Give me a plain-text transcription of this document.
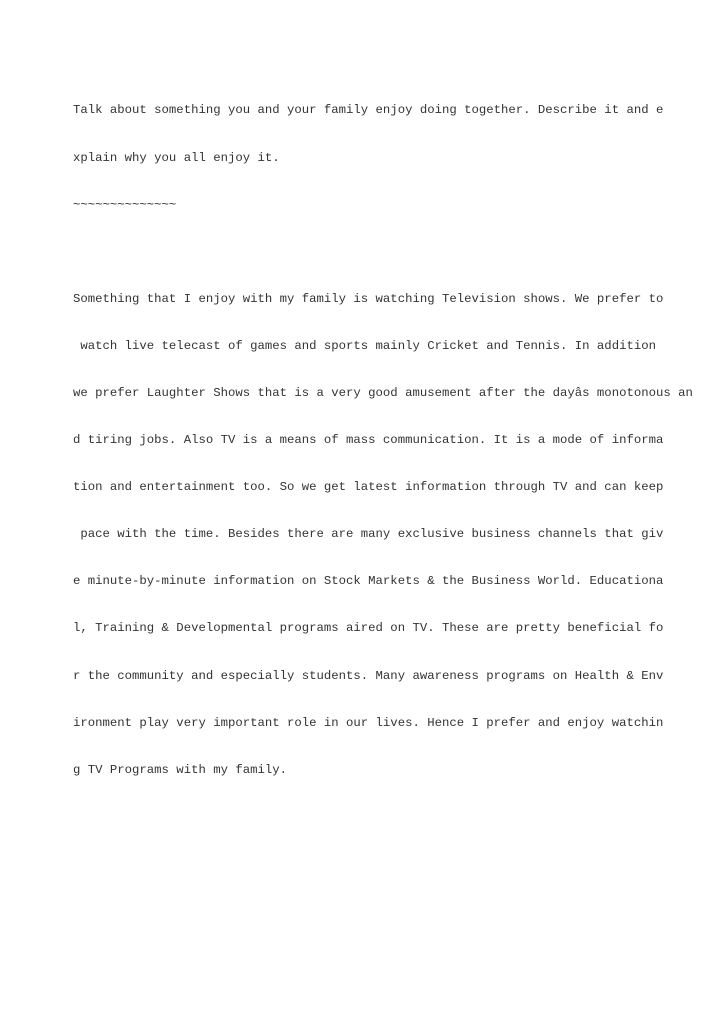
Talk about something you and your family enjoy doing together. Describe it and e

xplain why you all enjoy it.

~~~~~~~~~~~~~~

Something that I enjoy with my family is watching Television shows. We prefer to

watch live telecast of games and sports mainly Cricket and Tennis. In addition

we prefer Laughter Shows that is a very good amusement after the dayâs monotonous an

d tiring jobs. Also TV is a means of mass communication. It is a mode of informa

tion and entertainment too. So we get latest information through TV and can keep

pace with the time. Besides there are many exclusive business channels that giv

e minute-by-minute information on Stock Markets & the Business World. Educationa

l, Training & Developmental programs aired on TV. These are pretty beneficial fo

r the community and especially students. Many awareness programs on Health & Env

ironment play very important role in our lives. Hence I prefer and enjoy watchin

g TV Programs with my family.
